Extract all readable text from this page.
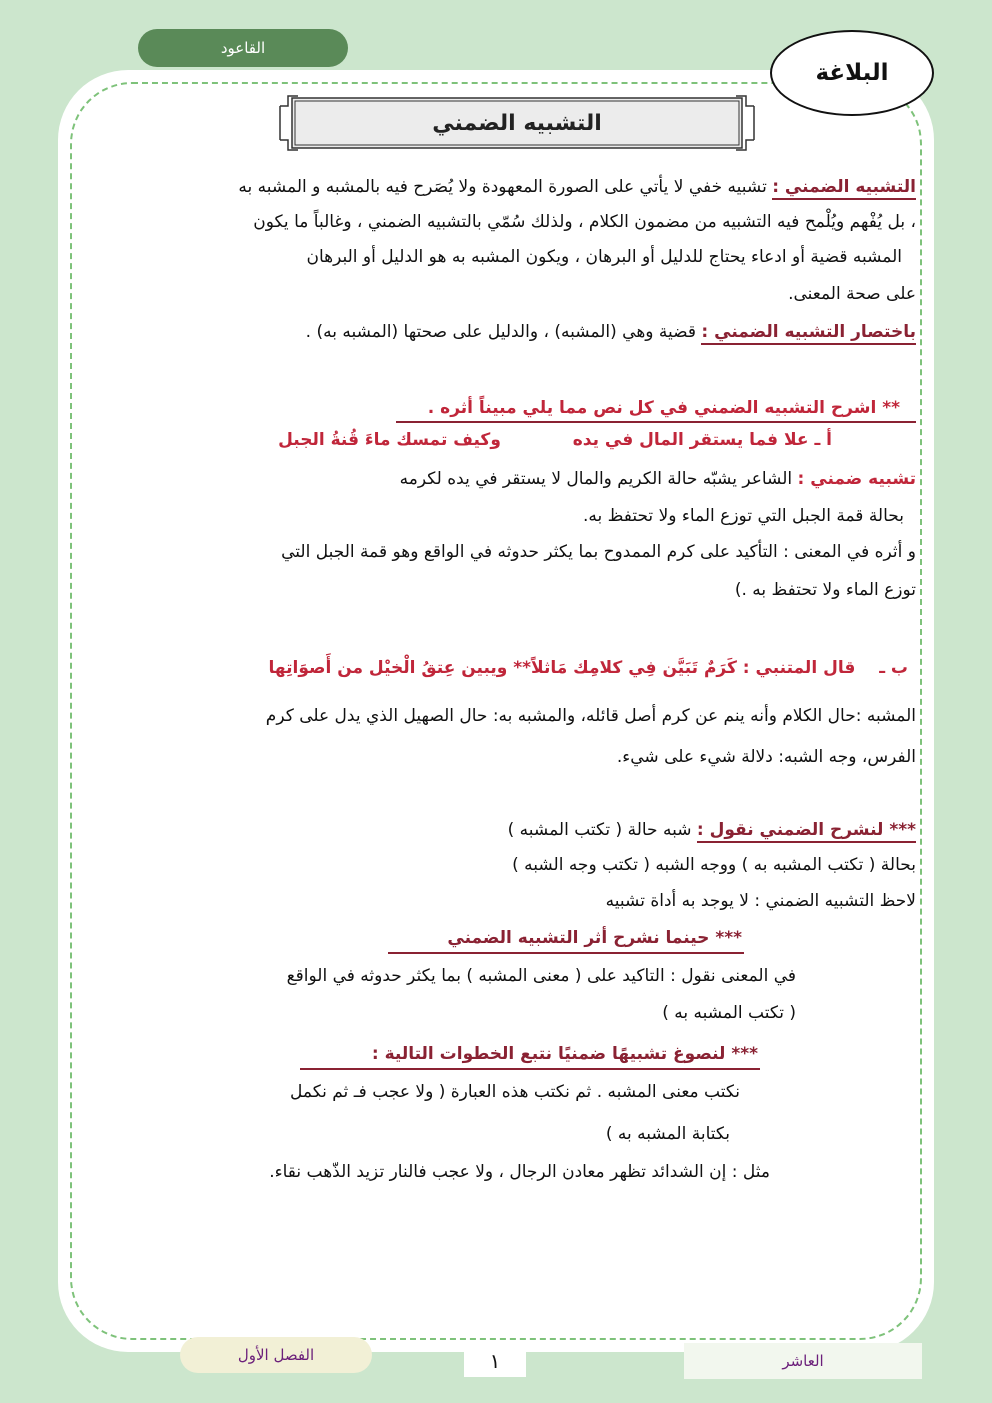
القاعود
البلاغة
التشبيه الضمني
التشبيه الضمني : تشبيه خفي لا يأتي على الصورة المعهودة ولا يُصَرح فيه بالمشبه و المشبه به
، بل يُفْهم ويُلْمح فيه التشبيه من مضمون الكلام ، ولذلك سُمّي بالتشبيه الضمني ، وغالباً ما يكون
المشبه قضية أو ادعاء يحتاج للدليل أو البرهان ، ويكون المشبه به هو الدليل أو البرهان
على صحة المعنى.
باختصار التشبيه الضمني : قضية وهي (المشبه) ، والدليل على صحتها (المشبه به) .
** اشرح التشبيه الضمني في كل نص مما يلي مبيناً أثره .
أ ـ علا فما يستقر المال في يده  وكيف تمسك ماءَ قُنةُ الجبل
تشبيه ضمني : الشاعر يشبّه حالة الكريم والمال لا يستقر في يده لكرمه
بحالة قمة الجبل التي توزع الماء ولا تحتفظ به.
و أثره في المعنى : التأكيد على كرم الممدوح بما يكثر حدوثه في الواقع وهو قمة الجبل التي
توزع الماء ولا تحتفظ به .)
ب ـ  قال المتنبي : كَرَمٌ تَبَيَّن فِي كلامِك مَاثلاً** ويبين عِتقُ الْخيْل من أَصوَاتِها
المشبه :حال الكلام وأنه ينم عن كرم أصل قائله، والمشبه به: حال الصهيل الذي يدل على كرم
الفرس، وجه الشبه: دلالة شيء على شيء.
*** لنشرح الضمني نقول : شبه حالة ( تكتب المشبه )
بحالة ( تكتب المشبه به ) ووجه الشبه ( تكتب وجه الشبه )
لاحظ التشبيه الضمني : لا يوجد به أداة تشبيه
*** حينما نشرح أثر التشبيه الضمني
في المعنى نقول : التاكيد على ( معنى المشبه ) بما يكثر حدوثه في الواقع
( تكتب المشبه به )
*** لنصوغ تشبيهًا ضمنيًا نتبع الخطوات التالية :
نكتب معنى المشبه . ثم نكتب هذه العبارة ( ولا عجب فـ ثم نكمل
بكتابة المشبه به )
مثل : إن الشدائد تظهر معادن الرجال ، ولا عجب فالنار تزيد الذّهب نقاء.
الفصل الأول	١	العاشر
